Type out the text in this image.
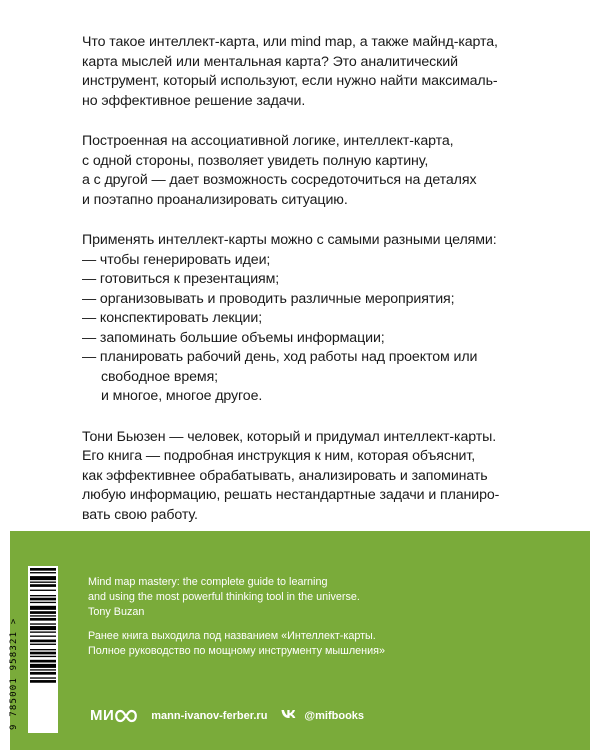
Что такое интеллект-карта, или mind map, а также майнд-карта,
карта мыслей или ментальная карта? Это аналитический
инструмент, который используют, если нужно найти максималь-
но эффективное решение задачи.

Построенная на ассоциативной логике, интеллект-карта,
с одной стороны, позволяет увидеть полную картину,
а с другой — дает возможность сосредоточиться на деталях
и поэтапно проанализировать ситуацию.

Применять интеллект-карты можно с самыми разными целями:
— чтобы генерировать идеи;
— готовиться к презентациям;
— организовывать и проводить различные мероприятия;
— конспектировать лекции;
— запоминать большие объемы информации;
— планировать рабочий день, ход работы над проектом или
свободное время;
и многое, многое другое.

Тони Бьюзен — человек, который и придумал интеллект-карты.
Его книга — подробная инструкция к ним, которая объяснит,
как эффективнее обрабатывать, анализировать и запоминать
любую информацию, решать нестандартные задачи и планиро-
вать свою работу.

Mind map mastery: the complete guide to learning
and using the most powerful thinking tool in the universe.
Tony Buzan
Ранее книга выходила под названием «Интеллект-карты.
Полное руководство по мощному инструменту мышления»
МИ	mann-ivanov-ferber.ru	@mifbooks
9 785001 958321 >
